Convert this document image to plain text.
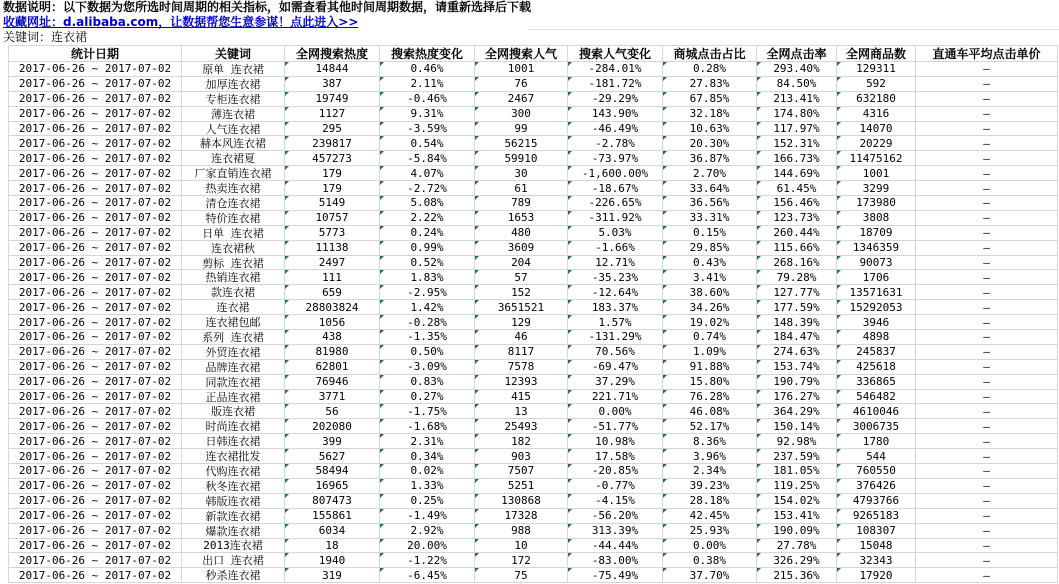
数据说明：以下数据为您所选时间周期的相关指标，如需查看其他时间周期数据，请重新选择后下载
收藏网址：d.alibaba.com，让数据帮您生意参谋！点此进入>>
关键词：连衣裙
统计日期	关键词	全网搜索热度	搜索热度变化	全网搜索人气	搜索人气变化	商城点击占比	全网点击率	全网商品数	直通车平均点击单价
2017-06-26 ~ 2017-07-02	原单 连衣裙	14844	0.46%	1001	-284.01%	0.28%	293.40%	129311	–
2017-06-26 ~ 2017-07-02	加厚连衣裙	387	2.11%	76	-181.72%	27.83%	84.50%	592	–
2017-06-26 ~ 2017-07-02	专柜连衣裙	19749	-0.46%	2467	-29.29%	67.85%	213.41%	632180	–
2017-06-26 ~ 2017-07-02	薄连衣裙	1127	9.31%	300	143.90%	32.18%	174.80%	4316	–
2017-06-26 ~ 2017-07-02	人气连衣裙	295	-3.59%	99	-46.49%	10.63%	117.97%	14070	–
2017-06-26 ~ 2017-07-02	赫本风连衣裙	239817	0.54%	56215	-2.78%	20.30%	152.31%	20229	–
2017-06-26 ~ 2017-07-02	连衣裙夏	457273	-5.84%	59910	-73.97%	36.87%	166.73%	11475162	–
2017-06-26 ~ 2017-07-02 厂家直销连衣裙	179	4.07%	30	-1,600.00%	2.70%	144.69%	1001	–
2017-06-26 ~ 2017-07-02	热卖连衣裙	179	-2.72%	61	-18.67%	33.64%	61.45%	3299	–
2017-06-26 ~ 2017-07-02	清仓连衣裙	5149	5.08%	789	-226.65%	36.56%	156.46%	173980	–
2017-06-26 ~ 2017-07-02	特价连衣裙	10757	2.22%	1653	-311.92%	33.31%	123.73%	3808	–
2017-06-26 ~ 2017-07-02	日单 连衣裙	5773	0.24%	480	5.03%	0.15%	260.44%	18709	–
2017-06-26 ~ 2017-07-02	连衣裙秋	11138	0.99%	3609	-1.66%	29.85%	115.66%	1346359	–
2017-06-26 ~ 2017-07-02	剪标 连衣裙	2497	0.52%	204	12.71%	0.43%	268.16%	90073	–
2017-06-26 ~ 2017-07-02	热销连衣裙	111	1.83%	57	-35.23%	3.41%	79.28%	1706	–
2017-06-26 ~ 2017-07-02	款连衣裙	659	-2.95%	152	-12.64%	38.60%	127.77%	13571631	–
2017-06-26 ~ 2017-07-02	连衣裙	28803824	1.42%	3651521	183.37%	34.26%	177.59%	15292053	–
2017-06-26 ~ 2017-07-02	连衣裙包邮	1056	-0.28%	129	1.57%	19.02%	148.39%	3946	–
2017-06-26 ~ 2017-07-02	系列 连衣裙	438	-1.35%	46	-131.29%	0.74%	184.47%	4898	–
2017-06-26 ~ 2017-07-02	外贸连衣裙	81980	0.50%	8117	70.56%	1.09%	274.63%	245837	–
2017-06-26 ~ 2017-07-02	品牌连衣裙	62801	-3.09%	7578	-69.47%	91.88%	153.74%	425618	–
2017-06-26 ~ 2017-07-02	同款连衣裙	76946	0.83%	12393	37.29%	15.80%	190.79%	336865	–
2017-06-26 ~ 2017-07-02	正品连衣裙	3771	0.27%	415	221.71%	76.28%	176.27%	546482	–
2017-06-26 ~ 2017-07-02	版连衣裙	56	-1.75%	13	0.00%	46.08%	364.29%	4610046	–
2017-06-26 ~ 2017-07-02	时尚连衣裙	202080	-1.68%	25493	-51.77%	52.17%	150.14%	3006735	–
2017-06-26 ~ 2017-07-02	日韩连衣裙	399	2.31%	182	10.98%	8.36%	92.98%	1780	–
2017-06-26 ~ 2017-07-02	连衣裙批发	5627	0.34%	903	17.58%	3.96%	237.59%	544	–
2017-06-26 ~ 2017-07-02	代购连衣裙	58494	0.02%	7507	-20.85%	2.34%	181.05%	760550	–
2017-06-26 ~ 2017-07-02	秋冬连衣裙	16965	1.33%	5251	-0.77%	39.23%	119.25%	376426	–
2017-06-26 ~ 2017-07-02	韩版连衣裙	807473	0.25%	130868	-4.15%	28.18%	154.02%	4793766	–
2017-06-26 ~ 2017-07-02	新款连衣裙	155861	-1.49%	17328	-56.20%	42.45%	153.41%	9265183	–
2017-06-26 ~ 2017-07-02	爆款连衣裙	6034	2.92%	988	313.39%	25.93%	190.09%	108307	–
2017-06-26 ~ 2017-07-02	2013连衣裙	18	20.00%	10	-44.44%	0.00%	27.78%	15048	–
2017-06-26 ~ 2017-07-02	出口 连衣裙	1940	-1.22%	172	-83.00%	0.38%	326.29%	32343	–
2017-06-26 ~ 2017-07-02	秒杀连衣裙	319	-6.45%	75	-75.49%	37.70%	215.36%	17920	–
